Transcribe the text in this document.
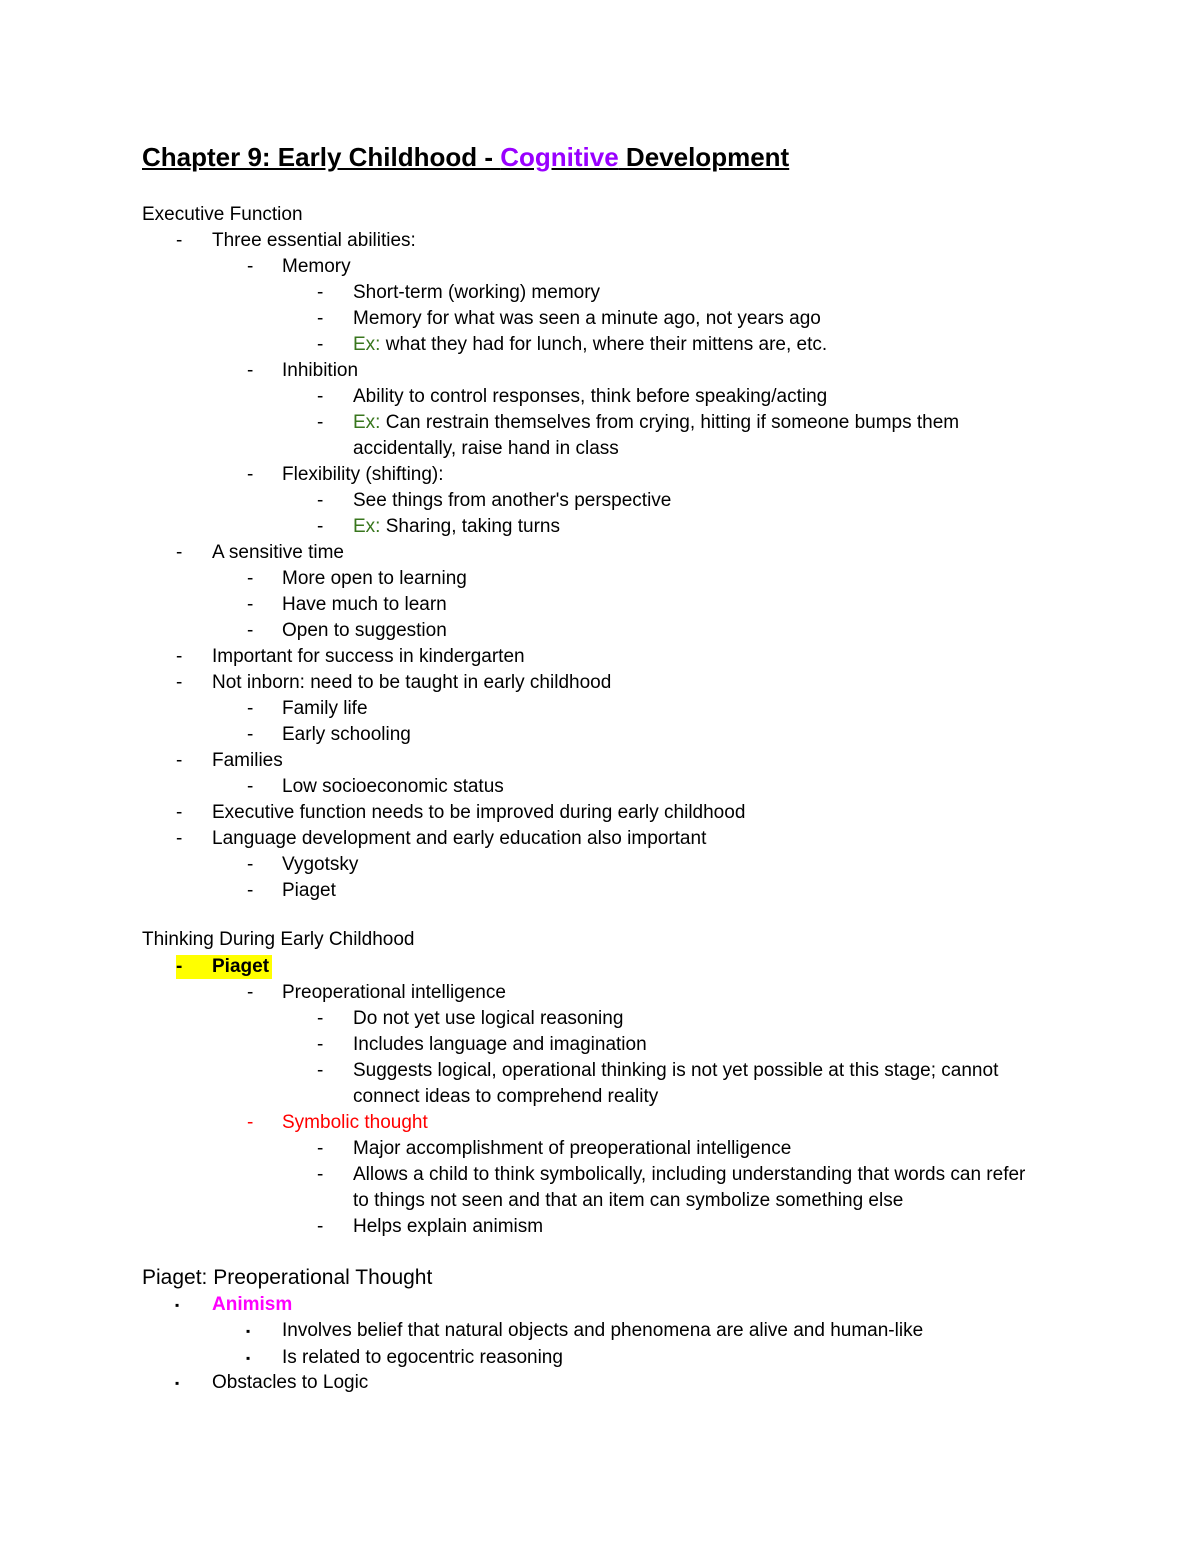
Chapter 9: Early Childhood - Cognitive Development
Executive Function
-	Three essential abilities:
-	Memory
-	Short-term (working) memory
-	Memory for what was seen a minute ago, not years ago
-	Ex: what they had for lunch, where their mittens are, etc.
-	Inhibition
-	Ability to control responses, think before speaking/acting
-	Ex: Can restrain themselves from crying, hitting if someone bumps them
accidentally, raise hand in class
-	Flexibility (shifting):
-	See things from another's perspective
-	Ex: Sharing, taking turns
-	A sensitive time
-	More open to learning
-	Have much to learn
-	Open to suggestion
-	Important for success in kindergarten
-	Not inborn: need to be taught in early childhood
-	Family life
-	Early schooling
-	Families
-	Low socioeconomic status
-	Executive function needs to be improved during early childhood
-	Language development and early education also important
-	Vygotsky
-	Piaget
Thinking During Early Childhood
-	Piaget
-	Preoperational intelligence
-	Do not yet use logical reasoning
-	Includes language and imagination
-	Suggests logical, operational thinking is not yet possible at this stage; cannot
connect ideas to comprehend reality
-	Symbolic thought
-	Major accomplishment of preoperational intelligence
-	Allows a child to think symbolically, including understanding that words can refer
to things not seen and that an item can symbolize something else
-	Helps explain animism
Piaget: Preoperational Thought
▪	Animism
▪	Involves belief that natural objects and phenomena are alive and human-like
▪	Is related to egocentric reasoning
▪	Obstacles to Logic
